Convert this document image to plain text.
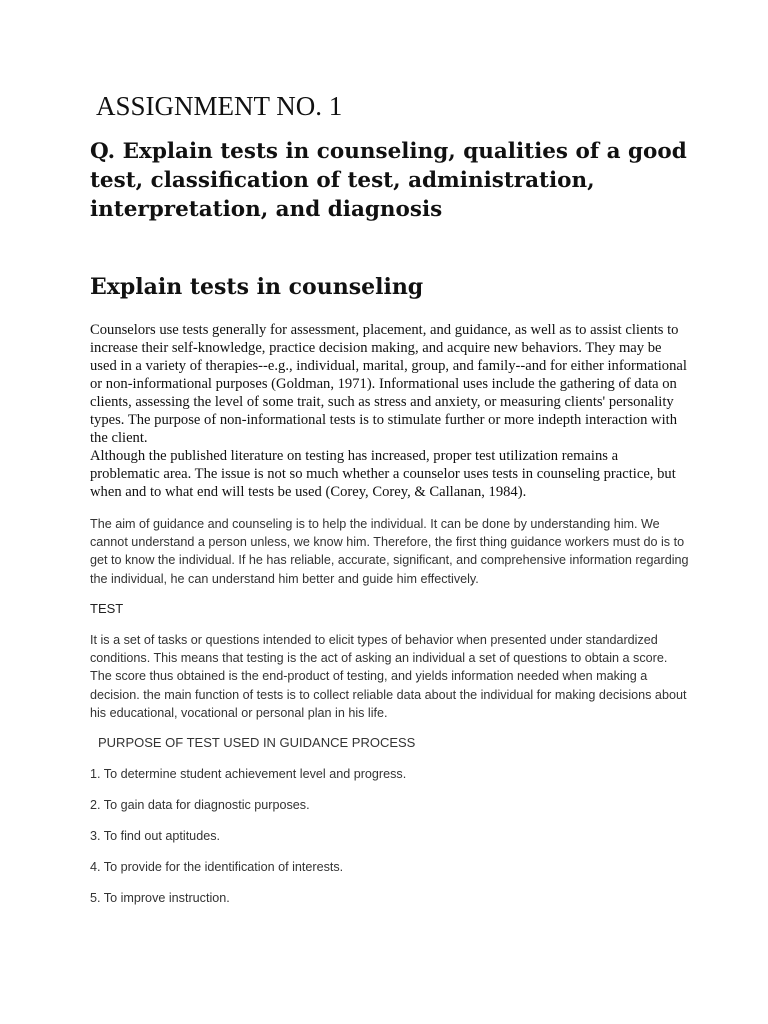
ASSIGNMENT NO. 1
Q. Explain tests in counseling, qualities of a good test, classification of test, administration, interpretation, and diagnosis
Explain tests in counseling

Counselors use tests generally for assessment, placement, and guidance, as well as to assist clients to increase their self-knowledge, practice decision making, and acquire new behaviors. They may be used in a variety of therapies--e.g., individual, marital, group, and family--and for either informational or non-informational purposes (Goldman, 1971). Informational uses include the gathering of data on clients, assessing the level of some trait, such as stress and anxiety, or measuring clients' personality types. The purpose of non-informational tests is to stimulate further or more indepth interaction with the client.

Although the published literature on testing has increased, proper test utilization remains a problematic area. The issue is not so much whether a counselor uses tests in counseling practice, but when and to what end will tests be used (Corey, Corey, & Callanan, 1984).

The aim of guidance and counseling is to help the individual. It can be done by understanding him. We cannot understand a person unless, we know him. Therefore, the first thing guidance workers must do is to get to know the individual. If he has reliable, accurate, significant, and comprehensive information regarding the individual, he can understand him better and guide him effectively.

TEST

It is a set of tasks or questions intended to elicit types of behavior when presented under standardized conditions. This means that testing is the act of asking an individual a set of questions to obtain a score. The score thus obtained is the end-product of testing, and yields information needed when making a decision. the main function of tests is to collect reliable data about the individual for making decisions about his educational, vocational or personal plan in his life.

PURPOSE OF TEST USED IN GUIDANCE PROCESS

1. To determine student achievement level and progress.

2. To gain data for diagnostic purposes.

3. To find out aptitudes.

4. To provide for the identification of interests.

5. To improve instruction.
